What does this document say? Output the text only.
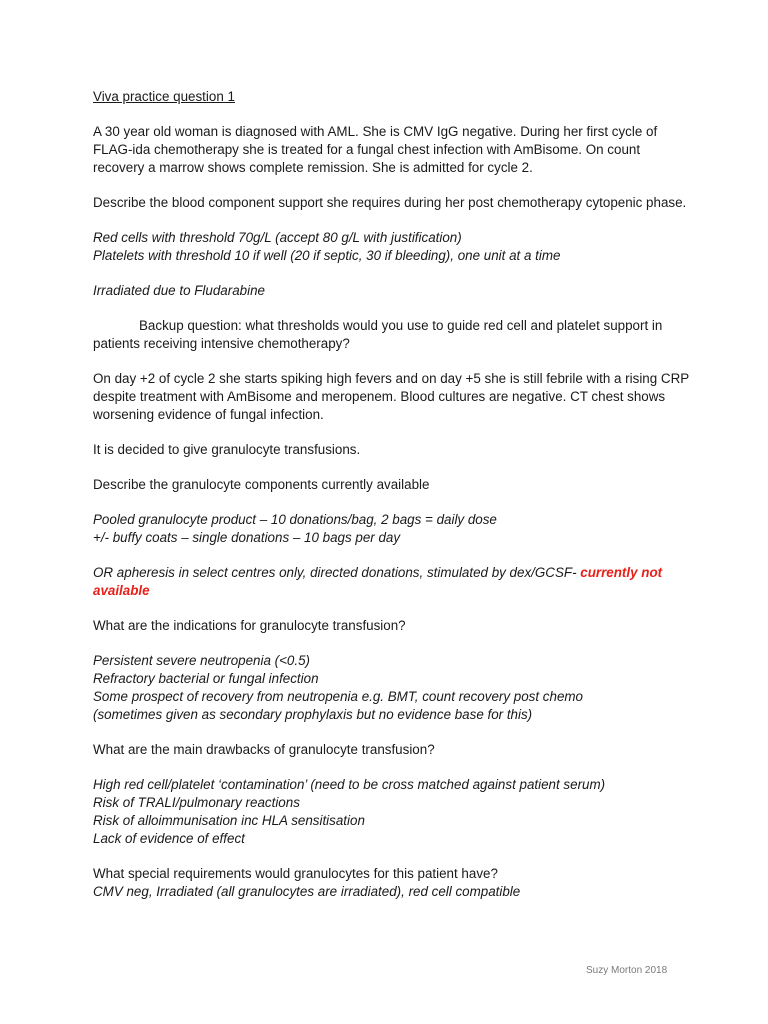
Viva practice question 1

A 30 year old woman is diagnosed with AML. She is CMV IgG negative. During her first cycle of FLAG-ida chemotherapy she is treated for a fungal chest infection with AmBisome. On count recovery a marrow shows complete remission. She is admitted for cycle 2.

Describe the blood component support she requires during her post chemotherapy cytopenic phase.

Red cells with threshold 70g/L (accept 80 g/L with justification)
Platelets with threshold 10 if well (20 if septic, 30 if bleeding), one unit at a time

Irradiated due to Fludarabine

Backup question: what thresholds would you use to guide red cell and platelet support in patients receiving intensive chemotherapy?

On day +2 of cycle 2 she starts spiking high fevers and on day +5 she is still febrile with a rising CRP despite treatment with AmBisome and meropenem. Blood cultures are negative. CT chest shows worsening evidence of fungal infection.

It is decided to give granulocyte transfusions.

Describe the granulocyte components currently available

Pooled granulocyte product – 10 donations/bag, 2 bags = daily dose
+/- buffy coats – single donations – 10 bags per day

OR apheresis in select centres only, directed donations, stimulated by dex/GCSF- currently not available

What are the indications for granulocyte transfusion?

Persistent severe neutropenia (<0.5)
Refractory bacterial or fungal infection
Some prospect of recovery from neutropenia e.g. BMT, count recovery post chemo
(sometimes given as secondary prophylaxis but no evidence base for this)

What are the main drawbacks of granulocyte transfusion?

High red cell/platelet ‘contamination’ (need to be cross matched against patient serum)
Risk of TRALI/pulmonary reactions
Risk of alloimmunisation inc HLA sensitisation
Lack of evidence of effect

What special requirements would granulocytes for this patient have?

CMV neg, Irradiated (all granulocytes are irradiated), red cell compatible

Suzy Morton 2018
